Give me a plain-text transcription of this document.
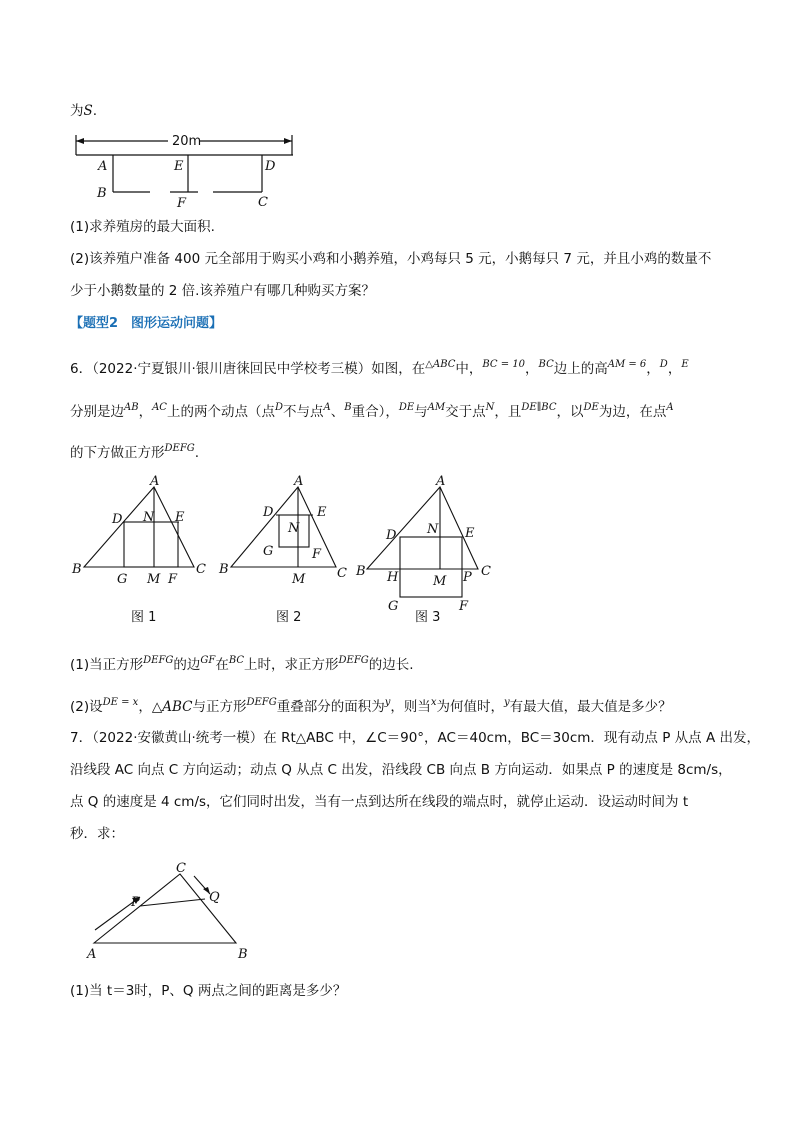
为S.
20m
A	E	D
B
F	C
(1)求养殖房的最大面积.
(2)该养殖户准备 400 元全部用于购买小鸡和小鹅养殖，小鸡每只 5 元，小鹅每只 7 元，并且小鸡的数量不
少于小鹅数量的 2 倍.该养殖户有哪几种购买方案？
【题型2　图形运动问题】
6．（2022·宁夏银川·银川唐徕回民中学校考三模）如图，在$^{\triangle ABC}$中，$^{BC = 10}$，$^{BC}$边上的高$^{AM = 6}$，$^D$，$^E$
分别是边$^{AB}$，$^{AC}$上的两个动点（点$^D$不与点$^A$、$^B$重合），$^{DE}$与$^{AM}$交于点$^N$，且$^{DE\parallel BC}$，以$^{DE}$为边，在点$^A$
的下方做正方形$^{DEFG}$.
A
D N E
B
G M F
C
图 1
A
D
N
E
G	F
B
M C
图 2
A
D N E
B H	M P C
G	F
图 3
(1)当正方形$^{DEFG}$的边$^{GF}$在$^{BC}$上时，求正方形$^{DEFG}$的边长.
(2)设$^{DE = x}$，△ABC与正方形$^{DEFG}$重叠部分的面积为$^y$，则当$^x$为何值时，$^y$有最大值，最大值是多少？
7．（2022·安徽黄山·统考一模）在 Rt△ABC 中，∠C＝90°，AC＝40cm，BC＝30cm．现有动点 P 从点 A 出发，
沿线段 AC 向点 C 方向运动；动点 Q 从点 C 出发，沿线段 CB 向点 B 方向运动．如果点 P 的速度是 8cm/s，
点 Q 的速度是 4 cm/s，它们同时出发，当有一点到达所在线段的端点时，就停止运动．设运动时间为 t
秒．求：
A	B
C
P	Q
(1)当 t＝3时，P、Q 两点之间的距离是多少？
